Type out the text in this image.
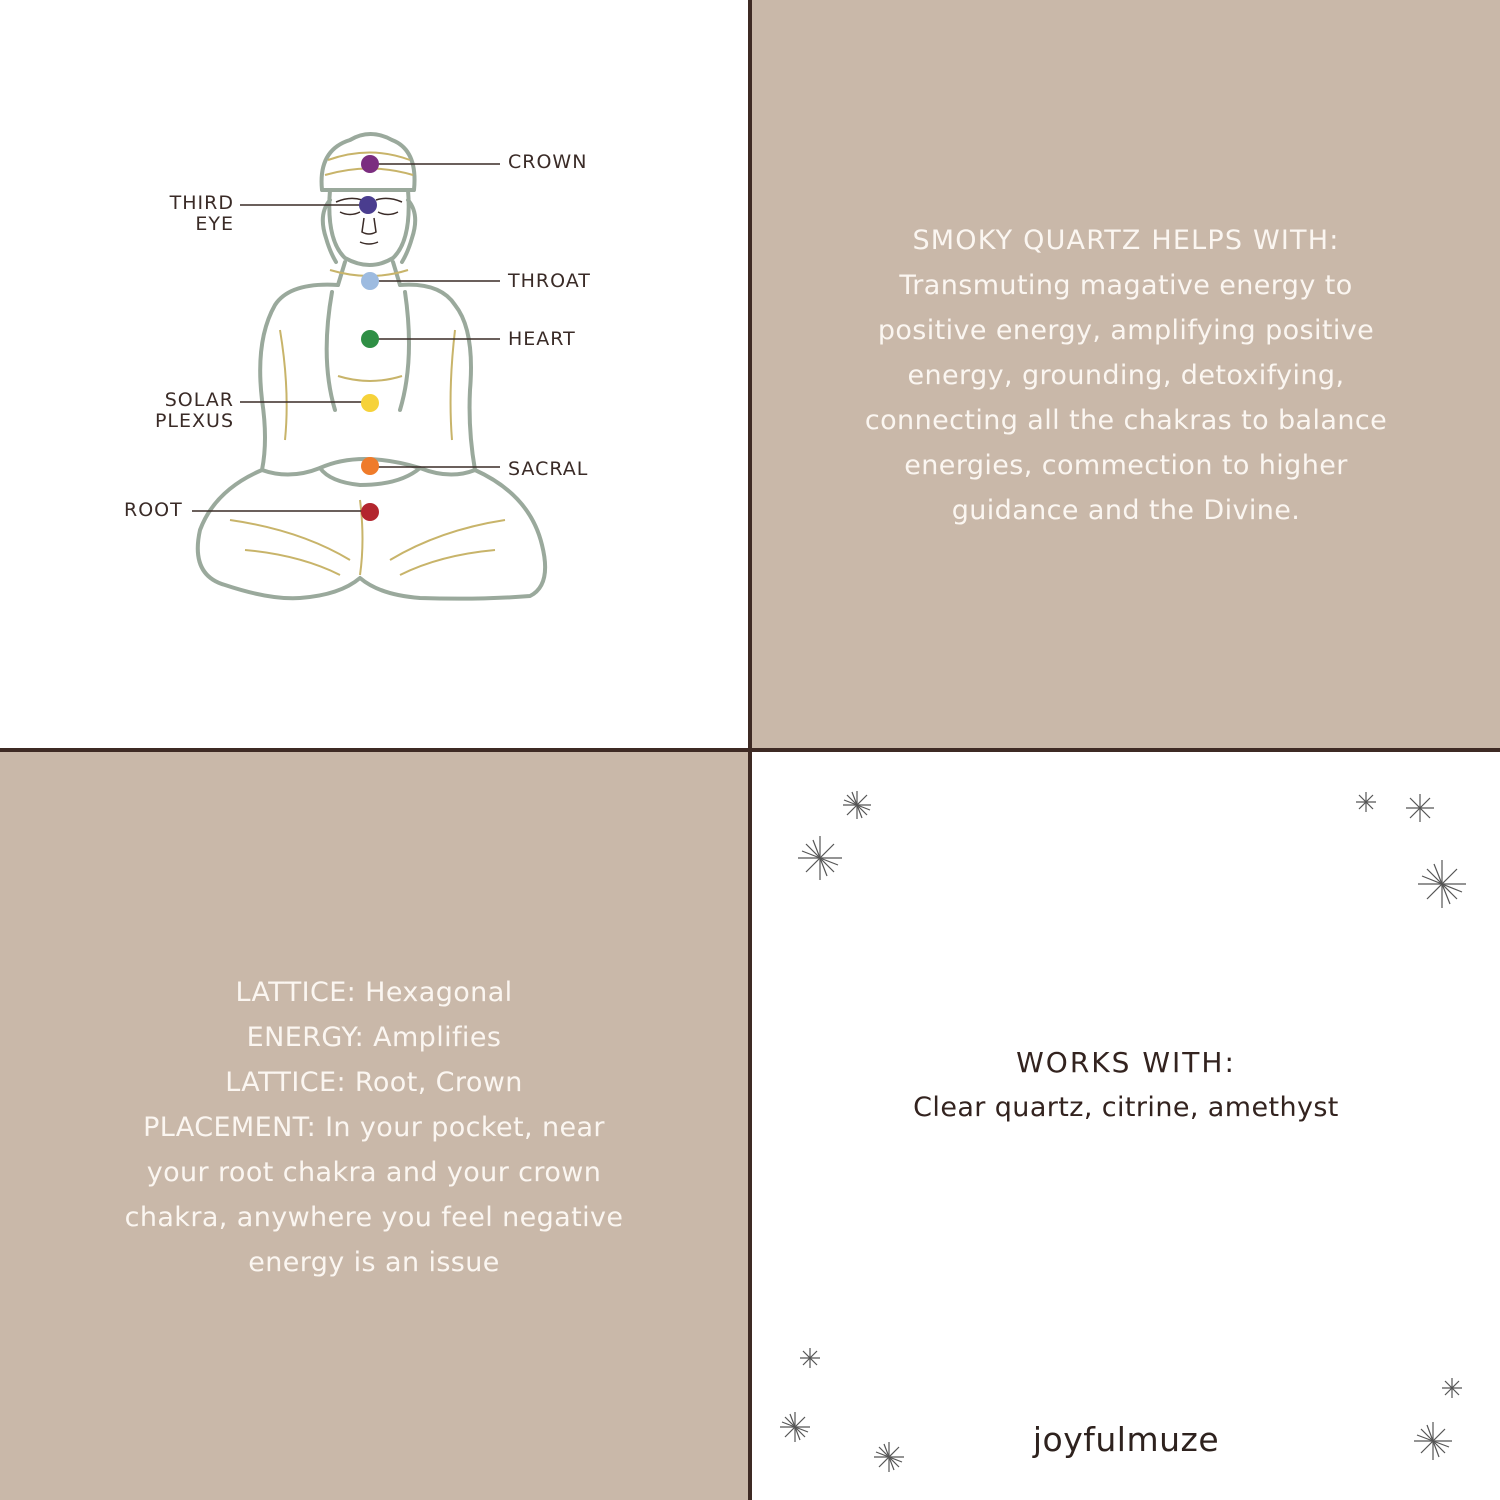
CROWN
THIRD
EYE
THROAT
HEART
SOLAR
PLEXUS
SACRAL
ROOT
SMOKY QUARTZ HELPS WITH:
Transmuting magative energy to
positive energy, amplifying positive
energy, grounding, detoxifying,
connecting all the chakras to balance
energies, commection to higher
guidance and the Divine.
LATTICE: Hexagonal
ENERGY: Amplifies
LATTICE: Root, Crown
PLACEMENT: In your pocket, near
your root chakra and your crown
chakra, anywhere you feel negative
energy is an issue
WORKS WITH:
Clear quartz, citrine, amethyst
joyfulmuze
